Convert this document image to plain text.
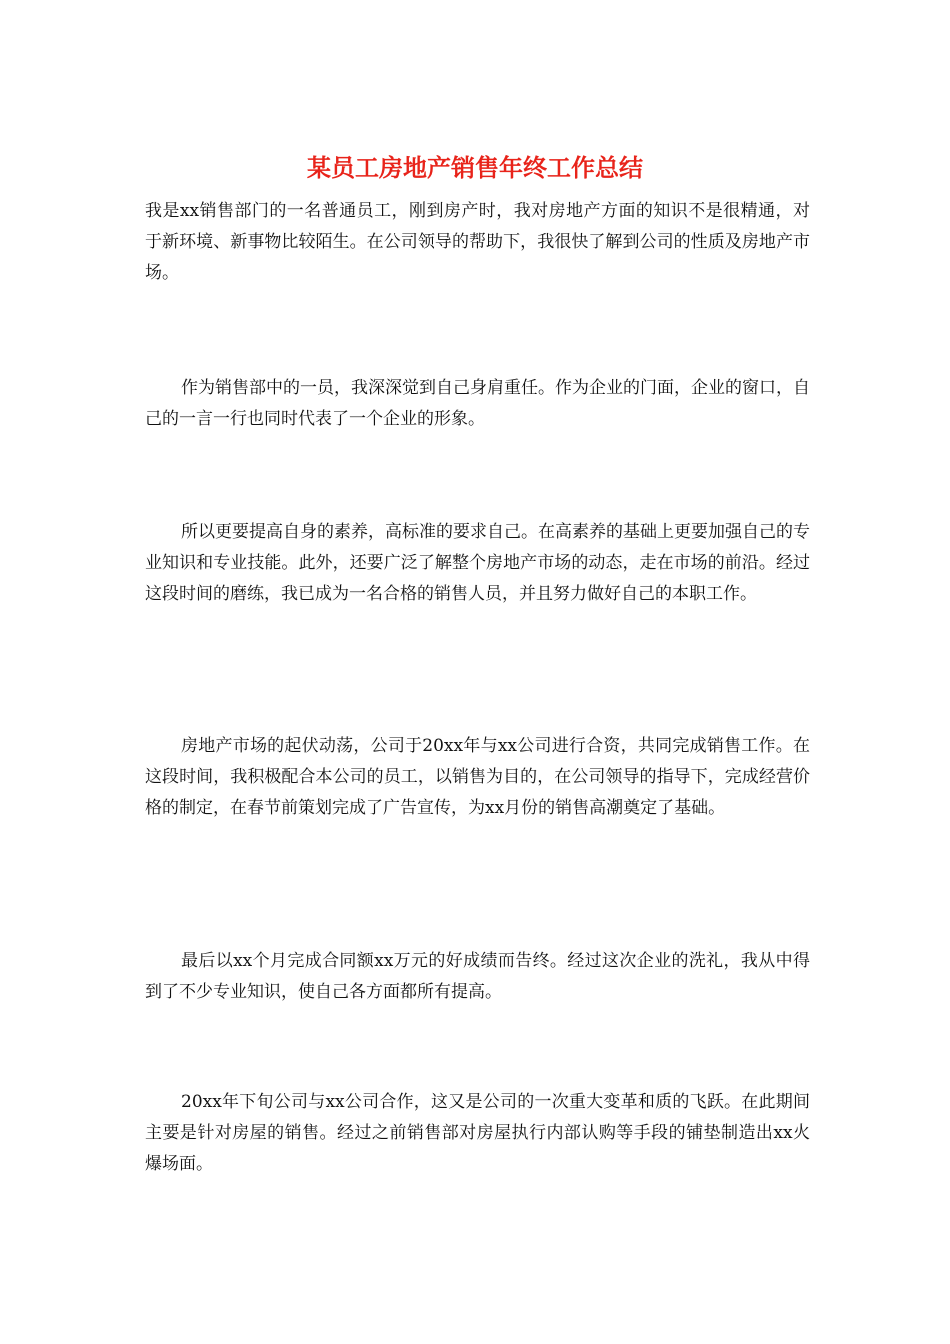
某员工房地产销售年终工作总结

我是xx销售部门的一名普通员工，刚到房产时，我对房地产方面的知识不是很精通，对于新环境、新事物比较陌生。在公司领导的帮助下，我很快了解到公司的性质及房地产市场。

作为销售部中的一员，我深深觉到自己身肩重任。作为企业的门面，企业的窗口，自己的一言一行也同时代表了一个企业的形象。

所以更要提高自身的素养，高标准的要求自己。在高素养的基础上更要加强自己的专业知识和专业技能。此外，还要广泛了解整个房地产市场的动态，走在市场的前沿。经过这段时间的磨练，我已成为一名合格的销售人员，并且努力做好自己的本职工作。

房地产市场的起伏动荡，公司于20xx年与xx公司进行合资，共同完成销售工作。在这段时间，我积极配合本公司的员工，以销售为目的，在公司领导的指导下，完成经营价格的制定，在春节前策划完成了广告宣传，为xx月份的销售高潮奠定了基础。

最后以xx个月完成合同额xx万元的好成绩而告终。经过这次企业的洗礼，我从中得到了不少专业知识，使自己各方面都所有提高。

20xx年下旬公司与xx公司合作，这又是公司的一次重大变革和质的飞跃。在此期间主要是针对房屋的销售。经过之前销售部对房屋执行内部认购等手段的铺垫制造出xx火爆场面。
